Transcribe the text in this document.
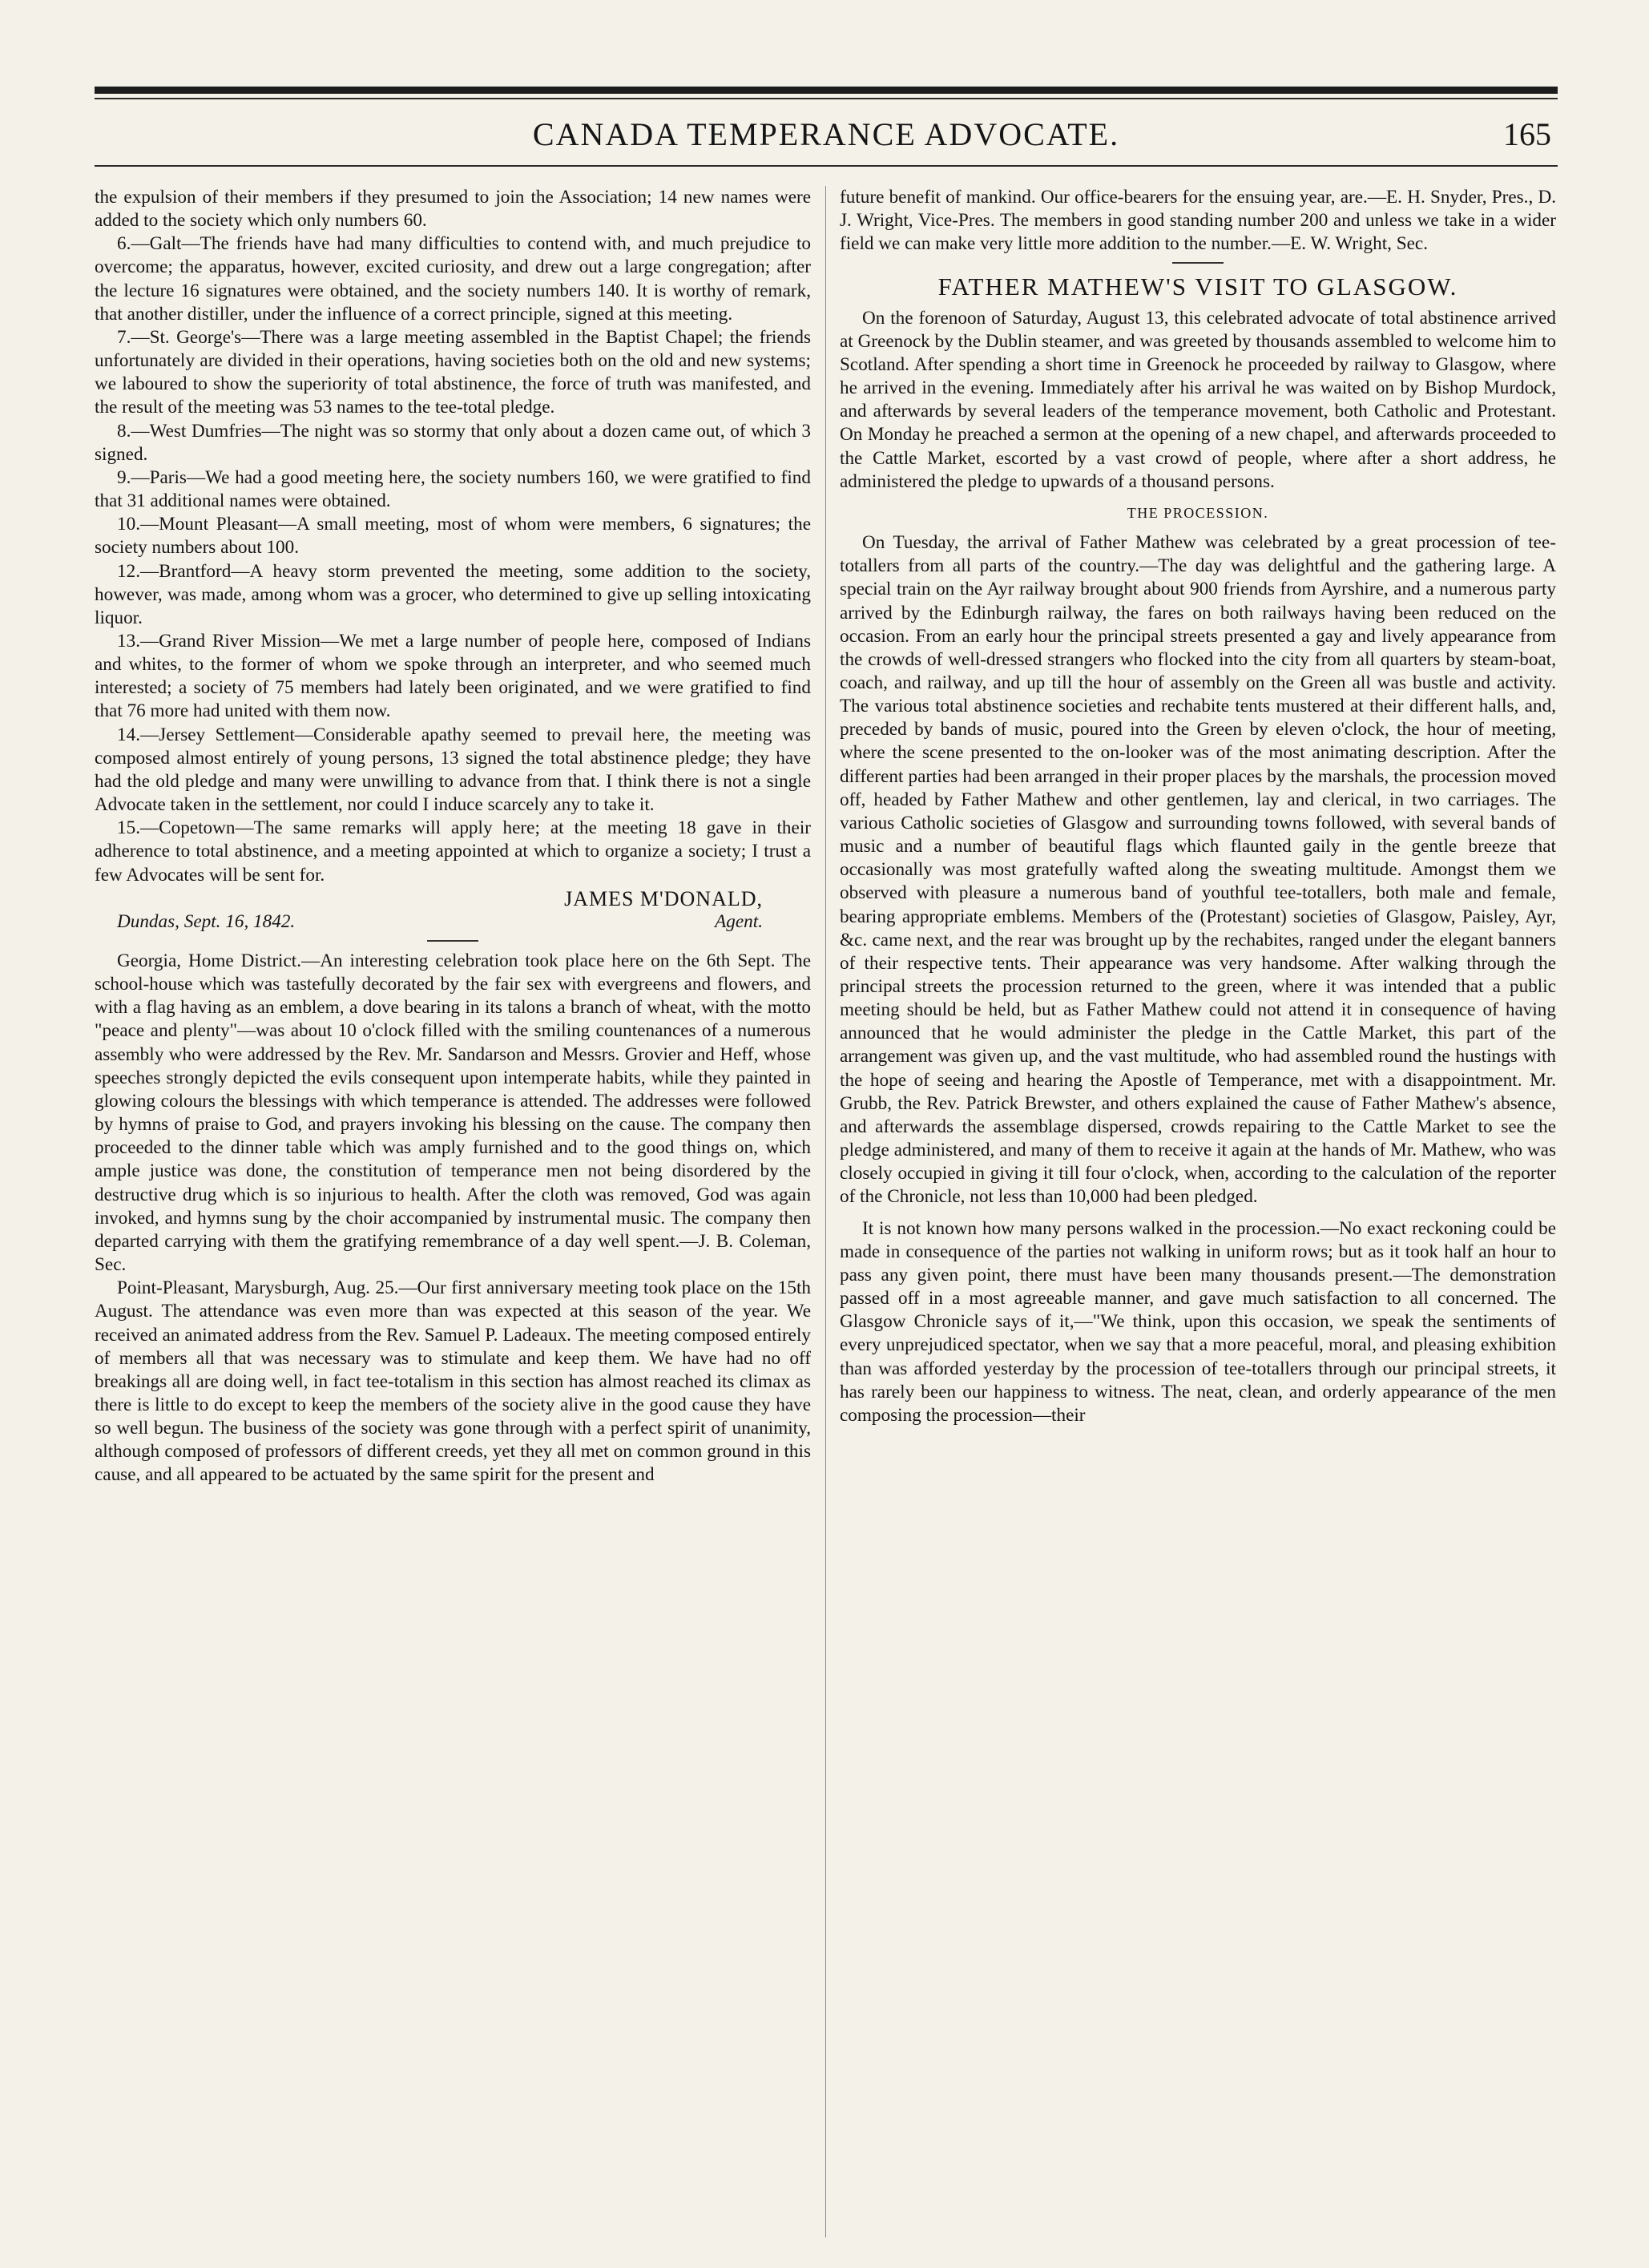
CANADA TEMPERANCE ADVOCATE.	165

the expulsion of their members if they presumed to join the Association; 14 new names were added to the society which only numbers 60.

6.—Galt—The friends have had many difficulties to contend with, and much prejudice to overcome; the apparatus, however, excited curiosity, and drew out a large congregation; after the lecture 16 signatures were obtained, and the society numbers 140. It is worthy of remark, that another distiller, under the influence of a correct principle, signed at this meeting.

7.—St. George's—There was a large meeting assembled in the Baptist Chapel; the friends unfortunately are divided in their operations, having societies both on the old and new systems; we laboured to show the superiority of total abstinence, the force of truth was manifested, and the result of the meeting was 53 names to the tee-total pledge.

8.—West Dumfries—The night was so stormy that only about a dozen came out, of which 3 signed.

9.—Paris—We had a good meeting here, the society numbers 160, we were gratified to find that 31 additional names were obtained.

10.—Mount Pleasant—A small meeting, most of whom were members, 6 signatures; the society numbers about 100.

12.—Brantford—A heavy storm prevented the meeting, some addition to the society, however, was made, among whom was a grocer, who determined to give up selling intoxicating liquor.

13.—Grand River Mission—We met a large number of people here, composed of Indians and whites, to the former of whom we spoke through an interpreter, and who seemed much interested; a society of 75 members had lately been originated, and we were gratified to find that 76 more had united with them now.

14.—Jersey Settlement—Considerable apathy seemed to prevail here, the meeting was composed almost entirely of young persons, 13 signed the total abstinence pledge; they have had the old pledge and many were unwilling to advance from that. I think there is not a single Advocate taken in the settlement, nor could I induce scarcely any to take it.

15.—Copetown—The same remarks will apply here; at the meeting 18 gave in their adherence to total abstinence, and a meeting appointed at which to organize a society; I trust a few Advocates will be sent for.

JAMES M'DONALD,
Dundas, Sept. 16, 1842.	Agent.

Georgia, Home District.—An interesting celebration took place here on the 6th Sept. The school-house which was tastefully decorated by the fair sex with evergreens and flowers, and with a flag having as an emblem, a dove bearing in its talons a branch of wheat, with the motto "peace and plenty"—was about 10 o'clock filled with the smiling countenances of a numerous assembly who were addressed by the Rev. Mr. Sandarson and Messrs. Grovier and Heff, whose speeches strongly depicted the evils consequent upon intemperate habits, while they painted in glowing colours the blessings with which temperance is attended. The addresses were followed by hymns of praise to God, and prayers invoking his blessing on the cause. The company then proceeded to the dinner table which was amply furnished and to the good things on, which ample justice was done, the constitution of temperance men not being disordered by the destructive drug which is so injurious to health. After the cloth was removed, God was again invoked, and hymns sung by the choir accompanied by instrumental music. The company then departed carrying with them the gratifying remembrance of a day well spent.—J. B. Coleman, Sec.

Point-Pleasant, Marysburgh, Aug. 25.—Our first anniversary meeting took place on the 15th August. The attendance was even more than was expected at this season of the year. We received an animated address from the Rev. Samuel P. Ladeaux. The meeting composed entirely of members all that was necessary was to stimulate and keep them. We have had no off breakings all are doing well, in fact tee-totalism in this section has almost reached its climax as there is little to do except to keep the members of the society alive in the good cause they have so well begun. The business of the society was gone through with a perfect spirit of unanimity, although composed of professors of different creeds, yet they all met on common ground in this cause, and all appeared to be actuated by the same spirit for the present and

future benefit of mankind. Our office-bearers for the ensuing year, are.—E. H. Snyder, Pres., D. J. Wright, Vice-Pres. The members in good standing number 200 and unless we take in a wider field we can make very little more addition to the number.—E. W. Wright, Sec.

FATHER MATHEW'S VISIT TO GLASGOW.

On the forenoon of Saturday, August 13, this celebrated advocate of total abstinence arrived at Greenock by the Dublin steamer, and was greeted by thousands assembled to welcome him to Scotland. After spending a short time in Greenock he proceeded by railway to Glasgow, where he arrived in the evening. Immediately after his arrival he was waited on by Bishop Murdock, and afterwards by several leaders of the temperance movement, both Catholic and Protestant. On Monday he preached a sermon at the opening of a new chapel, and afterwards proceeded to the Cattle Market, escorted by a vast crowd of people, where after a short address, he administered the pledge to upwards of a thousand persons.

THE PROCESSION.

On Tuesday, the arrival of Father Mathew was celebrated by a great procession of tee-totallers from all parts of the country.—The day was delightful and the gathering large. A special train on the Ayr railway brought about 900 friends from Ayrshire, and a numerous party arrived by the Edinburgh railway, the fares on both railways having been reduced on the occasion. From an early hour the principal streets presented a gay and lively appearance from the crowds of well-dressed strangers who flocked into the city from all quarters by steam-boat, coach, and railway, and up till the hour of assembly on the Green all was bustle and activity. The various total abstinence societies and rechabite tents mustered at their different halls, and, preceded by bands of music, poured into the Green by eleven o'clock, the hour of meeting, where the scene presented to the on-looker was of the most animating description. After the different parties had been arranged in their proper places by the marshals, the procession moved off, headed by Father Mathew and other gentlemen, lay and clerical, in two carriages. The various Catholic societies of Glasgow and surrounding towns followed, with several bands of music and a number of beautiful flags which flaunted gaily in the gentle breeze that occasionally was most gratefully wafted along the sweating multitude. Amongst them we observed with pleasure a numerous band of youthful tee-totallers, both male and female, bearing appropriate emblems. Members of the (Protestant) societies of Glasgow, Paisley, Ayr, &c. came next, and the rear was brought up by the rechabites, ranged under the elegant banners of their respective tents. Their appearance was very handsome. After walking through the principal streets the procession returned to the green, where it was intended that a public meeting should be held, but as Father Mathew could not attend it in consequence of having announced that he would administer the pledge in the Cattle Market, this part of the arrangement was given up, and the vast multitude, who had assembled round the hustings with the hope of seeing and hearing the Apostle of Temperance, met with a disappointment. Mr. Grubb, the Rev. Patrick Brewster, and others explained the cause of Father Mathew's absence, and afterwards the assemblage dispersed, crowds repairing to the Cattle Market to see the pledge administered, and many of them to receive it again at the hands of Mr. Mathew, who was closely occupied in giving it till four o'clock, when, according to the calculation of the reporter of the Chronicle, not less than 10,000 had been pledged.

It is not known how many persons walked in the procession.—No exact reckoning could be made in consequence of the parties not walking in uniform rows; but as it took half an hour to pass any given point, there must have been many thousands present.—The demonstration passed off in a most agreeable manner, and gave much satisfaction to all concerned. The Glasgow Chronicle says of it,—"We think, upon this occasion, we speak the sentiments of every unprejudiced spectator, when we say that a more peaceful, moral, and pleasing exhibition than was afforded yesterday by the procession of tee-totallers through our principal streets, it has rarely been our happiness to witness. The neat, clean, and orderly appearance of the men composing the procession—their
